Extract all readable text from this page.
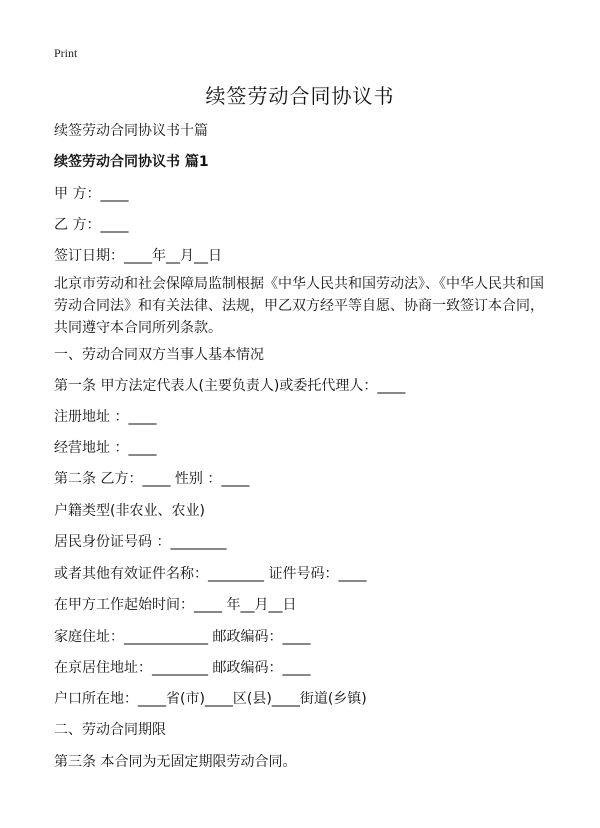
Print
续签劳动合同协议书
续签劳动合同协议书十篇
续签劳动合同协议书 篇1
甲 方：____
乙 方：____
签订日期：____年__月__日
北京市劳动和社会保障局监制根据《中华人民共和国劳动法》、《中华人民共和国劳动合同法》和有关法律、法规，甲乙双方经平等自愿、协商一致签订本合同，共同遵守本合同所列条款。
一、劳动合同双方当事人基本情况
第一条 甲方法定代表人(主要负责人)或委托代理人：____
注册地址 ：____
经营地址 ：____
第二条 乙方：____ 性别 ：____
户籍类型(非农业、农业)
居民身份证号码 ：________
或者其他有效证件名称：________ 证件号码：____
在甲方工作起始时间：____ 年__月__日
家庭住址：____________ 邮政编码：____
在京居住地址：________ 邮政编码：____
户口所在地：____省(市)____区(县)____街道(乡镇)
二、劳动合同期限
第三条 本合同为无固定期限劳动合同。
